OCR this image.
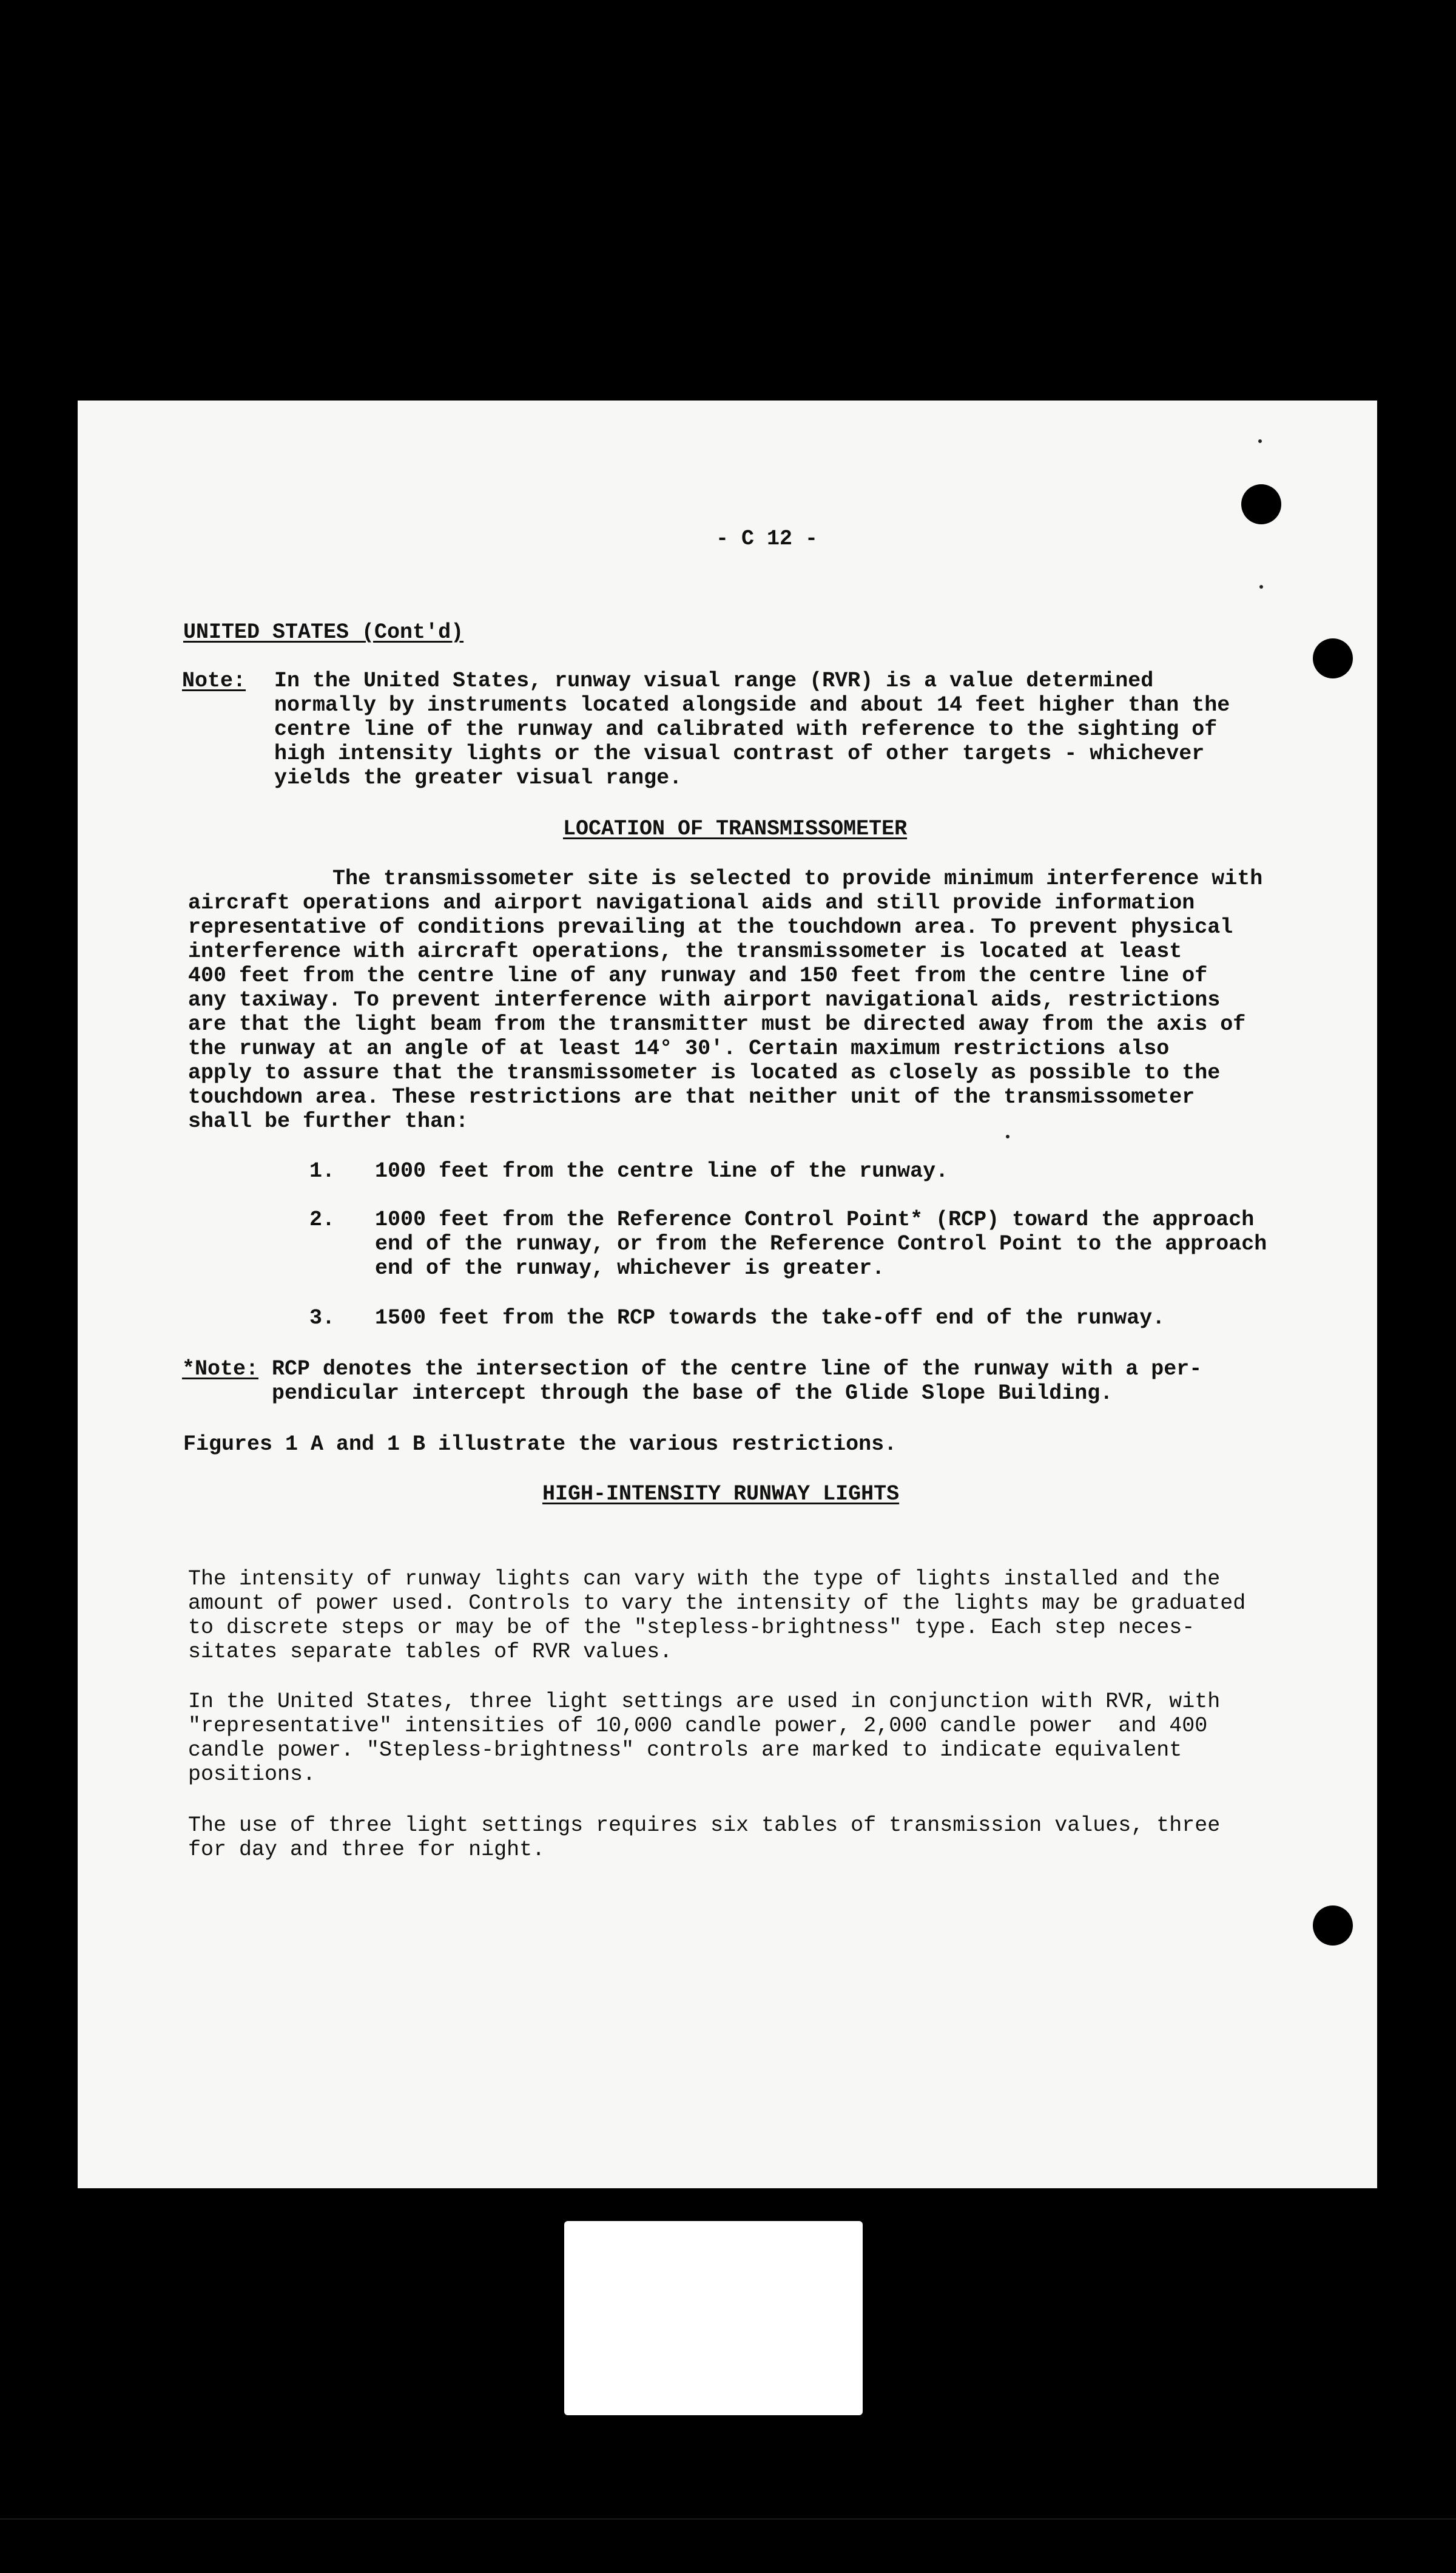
- C 12 -

UNITED STATES (Cont'd)

Note:

In the United States, runway visual range (RVR) is a value determined

normally by instruments located alongside and about 14 feet higher than the

centre line of the runway and calibrated with reference to the sighting of

high intensity lights or the visual contrast of other targets - whichever

yields the greater visual range.

LOCATION OF TRANSMISSOMETER

The transmissometer site is selected to provide minimum interference with

aircraft operations and airport navigational aids and still provide information

representative of conditions prevailing at the touchdown area. To prevent physical

interference with aircraft operations, the transmissometer is located at least

400 feet from the centre line of any runway and 150 feet from the centre line of

any taxiway. To prevent interference with airport navigational aids, restrictions

are that the light beam from the transmitter must be directed away from the axis of

the runway at an angle of at least 14° 30'. Certain maximum restrictions also

apply to assure that the transmissometer is located as closely as possible to the

touchdown area. These restrictions are that neither unit of the transmissometer

shall be further than:

1.

1000 feet from the centre line of the runway.

2.

1000 feet from the Reference Control Point* (RCP) toward the approach

end of the runway, or from the Reference Control Point to the approach

end of the runway, whichever is greater.

3.

1500 feet from the RCP towards the take-off end of the runway.

*Note:

RCP denotes the intersection of the centre line of the runway with a per-

pendicular intercept through the base of the Glide Slope Building.

Figures 1 A and 1 B illustrate the various restrictions.

HIGH-INTENSITY RUNWAY LIGHTS

The intensity of runway lights can vary with the type of lights installed and the

amount of power used. Controls to vary the intensity of the lights may be graduated

to discrete steps or may be of the "stepless-brightness" type. Each step neces-

sitates separate tables of RVR values.

In the United States, three light settings are used in conjunction with RVR, with

"representative" intensities of 10,000 candle power, 2,000 candle power  and 400

candle power. "Stepless-brightness" controls are marked to indicate equivalent

positions.

The use of three light settings requires six tables of transmission values, three

for day and three for night.
